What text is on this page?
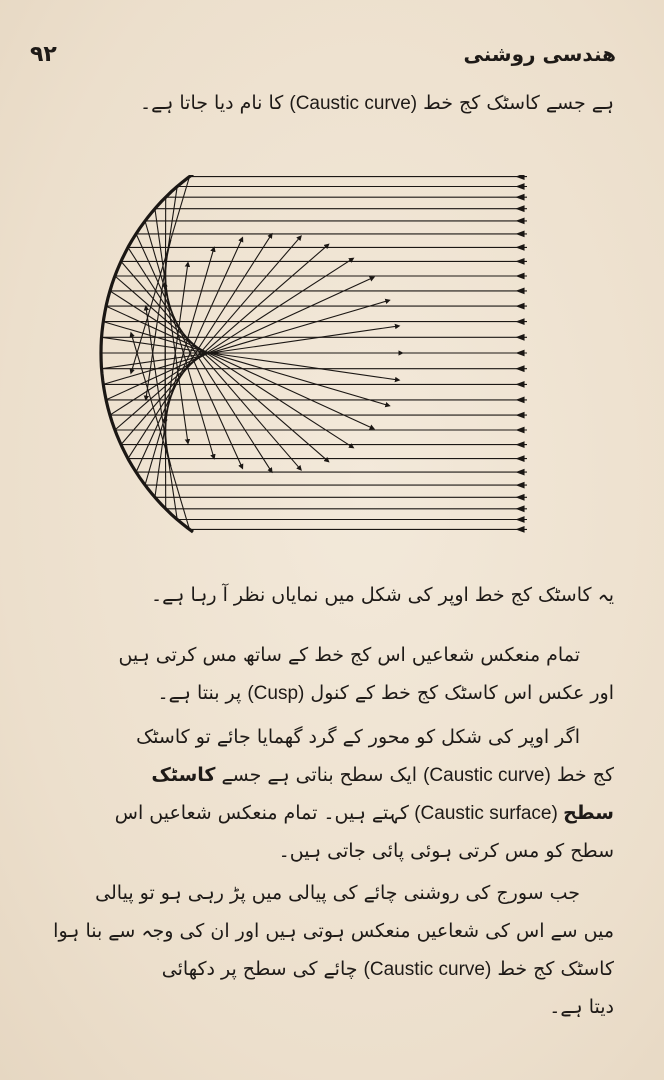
۹۲	هندسی روشنی
ہے جسے کاسٹک کج خط (Caustic curve) کا نام دیا جاتا ہے۔
یہ کاسٹک کج خط اوپر کی شکل میں نمایاں نظر آ رہا ہے۔
تمام منعکس شعاعیں اس کج خط کے ساتھ مس کرتی ہیں
اور عکس اس کاسٹک کج خط کے کنول (Cusp) پر بنتا ہے۔
اگر اوپر کی شکل کو محور کے گرد گھمایا جائے تو کاسٹک
کج خط (Caustic curve) ایک سطح بناتی ہے جسے کاسٹک
سطح (Caustic surface) کہتے ہیں۔ تمام منعکس شعاعیں اس
سطح کو مس کرتی ہوئی پائی جاتی ہیں۔
جب سورج کی روشنی چائے کی پیالی میں پڑ رہی ہو تو پیالی
میں سے اس کی شعاعیں منعکس ہوتی ہیں اور ان کی وجہ سے بنا ہوا
کاسٹک کج خط (Caustic curve) چائے کی سطح پر دکھائی
دیتا ہے۔
